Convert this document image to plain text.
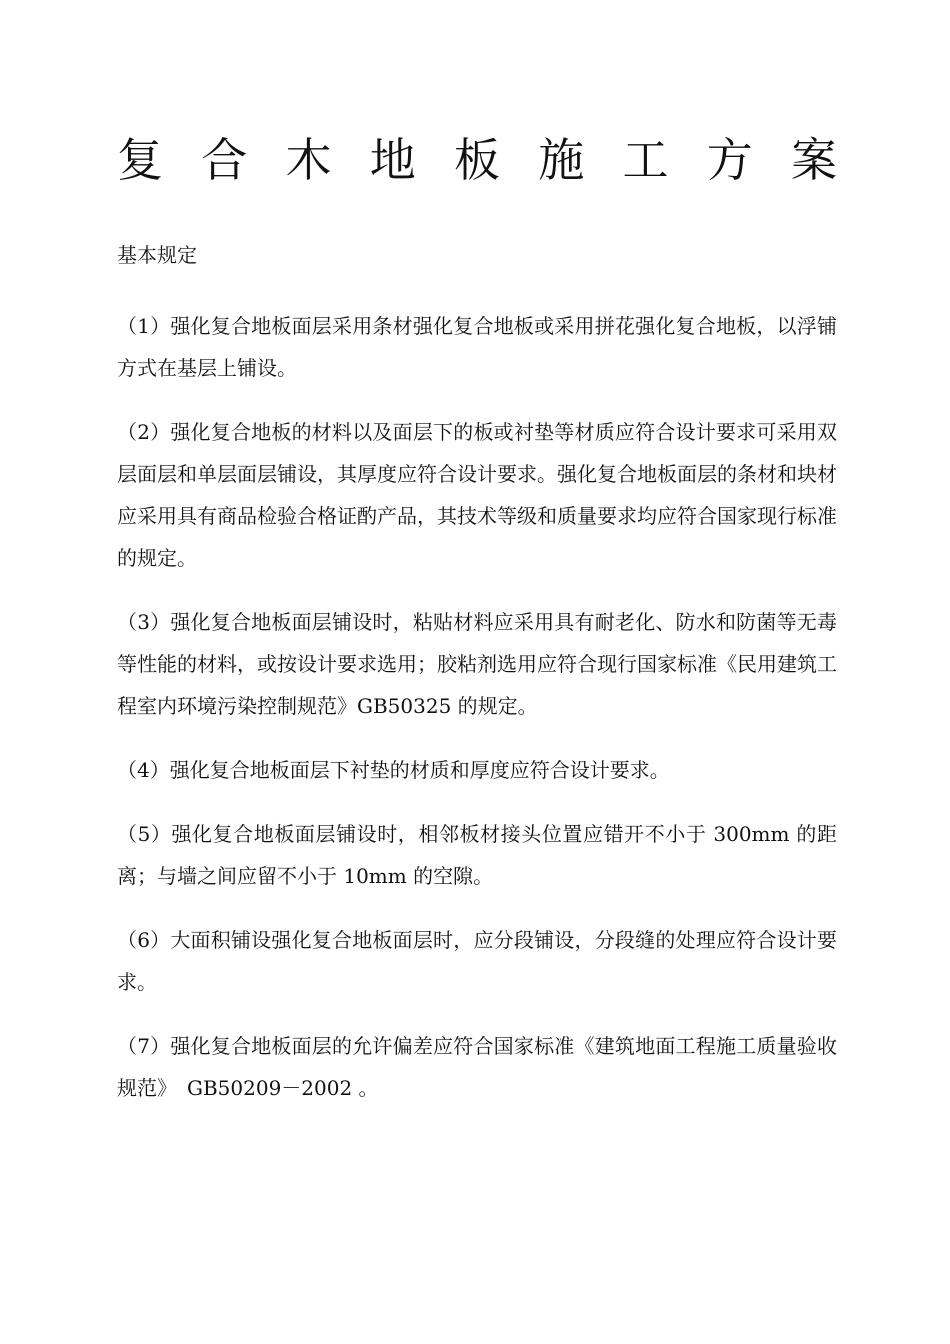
复 合 木 地 板 施 工 方 案
基本规定

（1）强化复合地板面层采用条材强化复合地板或采用拼花强化复合地板，以浮铺方式在基层上铺设。

（2）强化复合地板的材料以及面层下的板或衬垫等材质应符合设计要求可采用双层面层和单层面层铺设，其厚度应符合设计要求。强化复合地板面层的条材和块材应采用具有商品检验合格证酌产品，其技术等级和质量要求均应符合国家现行标准的规定。

（3）强化复合地板面层铺设时，粘贴材料应采用具有耐老化、防水和防菌等无毒等性能的材料，或按设计要求选用；胶粘剂选用应符合现行国家标准《民用建筑工程室内环境污染控制规范》GB50325 的规定。

（4）强化复合地板面层下衬垫的材质和厚度应符合设计要求。

（5）强化复合地板面层铺设时，相邻板材接头位置应错开不小于 300mm 的距离；与墙之间应留不小于 10mm 的空隙。

（6）大面积铺设强化复合地板面层时，应分段铺设，分段缝的处理应符合设计要求。

（7）强化复合地板面层的允许偏差应符合国家标准《建筑地面工程施工质量验收规范》　GB50209－2002 。
